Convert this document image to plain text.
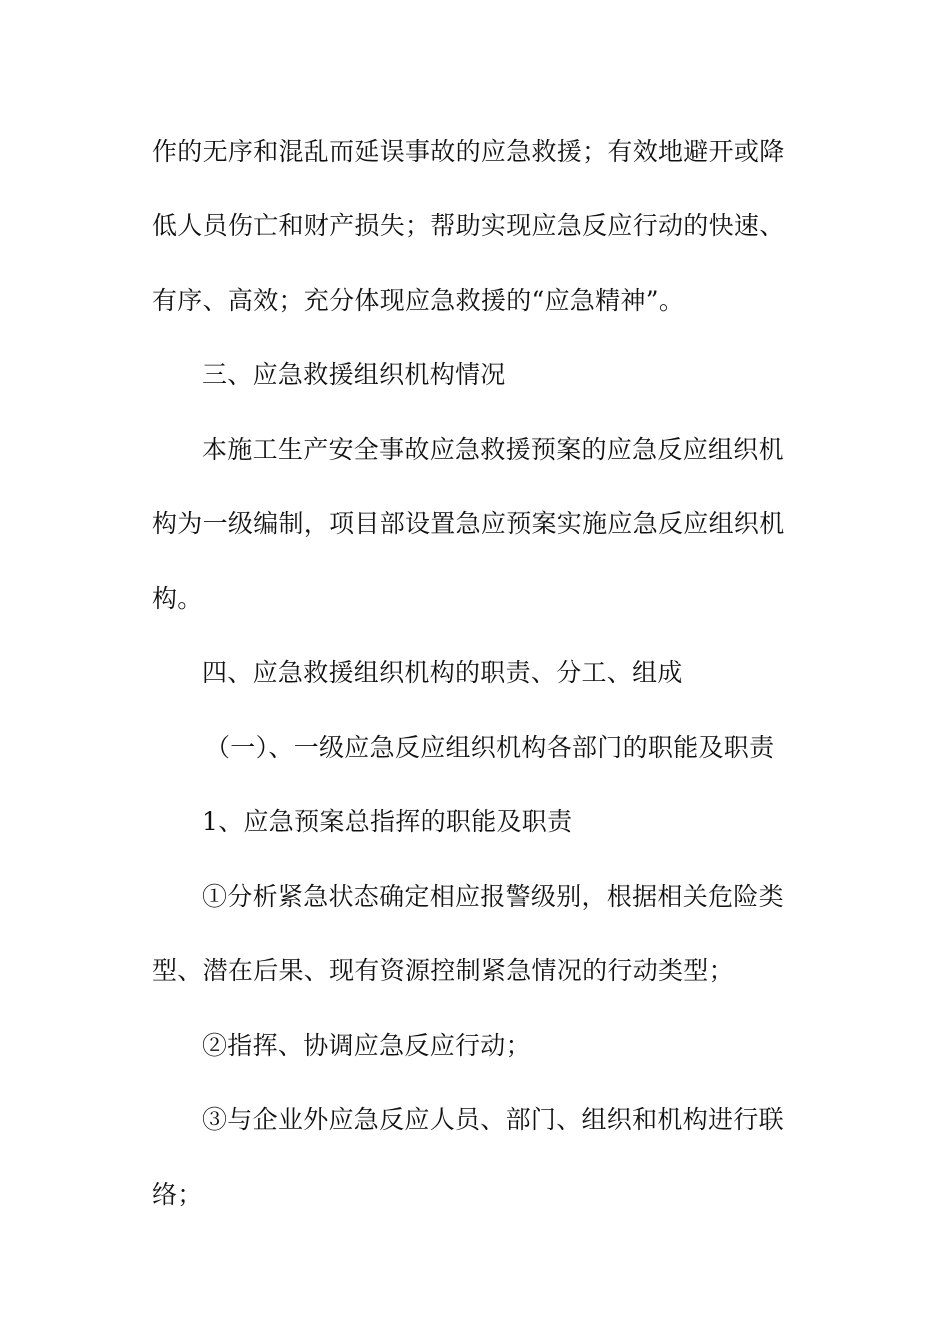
作的无序和混乱而延误事故的应急救援；有效地避开或降
低人员伤亡和财产损失；帮助实现应急反应行动的快速、
有序、高效；充分体现应急救援的“应急精神”。
三、应急救援组织机构情况
本施工生产安全事故应急救援预案的应急反应组织机
构为一级编制，项目部设置急应预案实施应急反应组织机
构。
四、应急救援组织机构的职责、分工、组成
（一）、一级应急反应组织机构各部门的职能及职责
1、应急预案总指挥的职能及职责
①分析紧急状态确定相应报警级别，根据相关危险类
型、潜在后果、现有资源控制紧急情况的行动类型；
②指挥、协调应急反应行动；
③与企业外应急反应人员、部门、组织和机构进行联
络；
